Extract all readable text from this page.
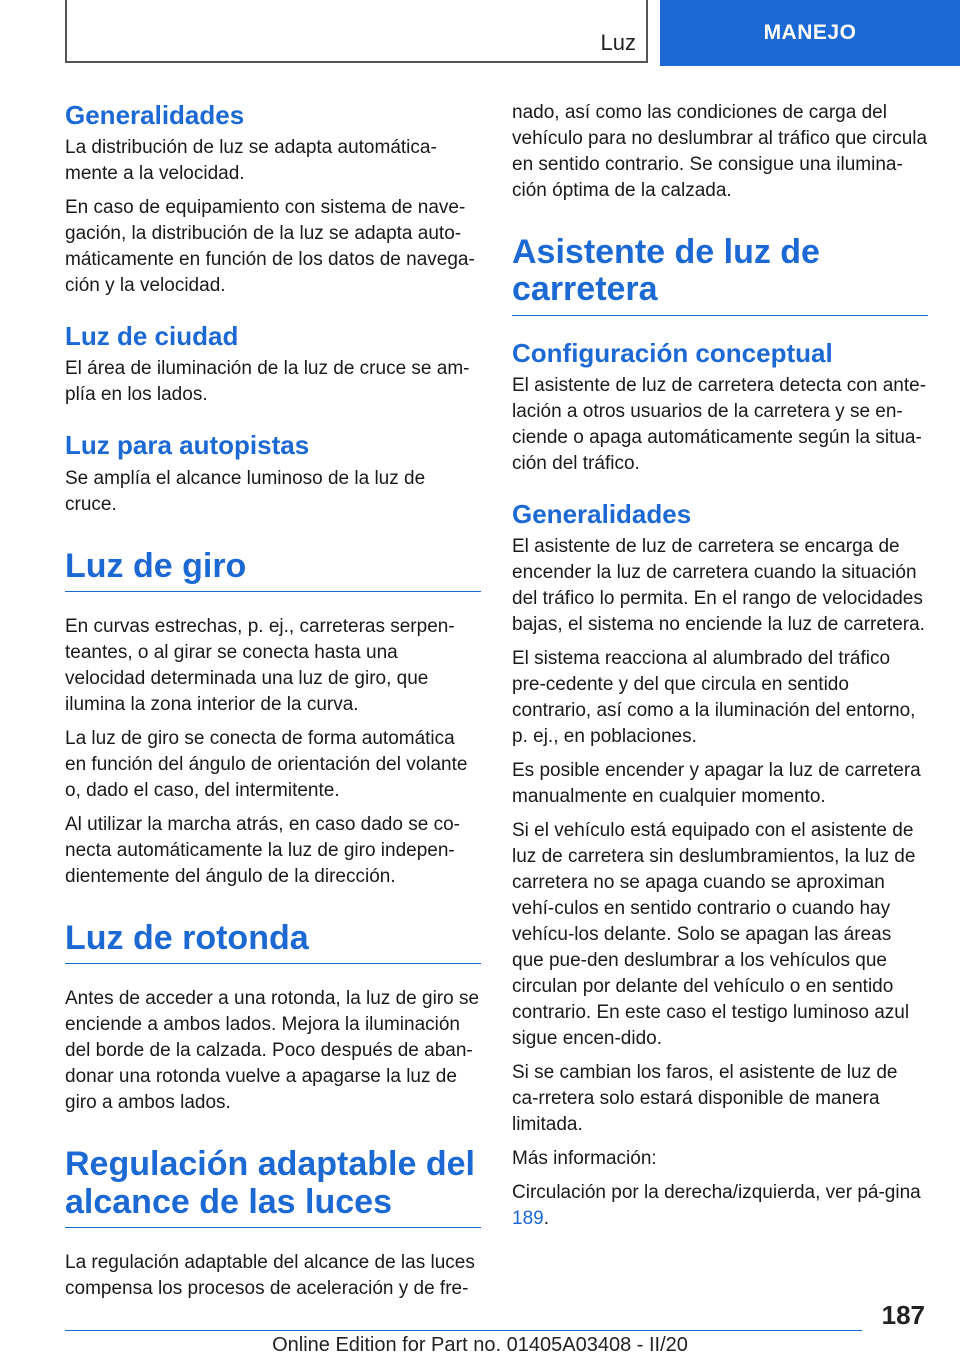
Luz	MANEJO
Generalidades

La distribución de luz se adapta automática-mente a la velocidad.

En caso de equipamiento con sistema de nave-gación, la distribución de la luz se adapta auto-máticamente en función de los datos de navega-ción y la velocidad.

Luz de ciudad

El área de iluminación de la luz de cruce se am-plía en los lados.

Luz para autopistas

Se amplía el alcance luminoso de la luz de cruce.

Luz de giro

En curvas estrechas, p. ej., carreteras serpen-teantes, o al girar se conecta hasta una velocidad determinada una luz de giro, que ilumina la zona interior de la curva.

La luz de giro se conecta de forma automática en función del ángulo de orientación del volante o, dado el caso, del intermitente.

Al utilizar la marcha atrás, en caso dado se co-necta automáticamente la luz de giro indepen-dientemente del ángulo de la dirección.

Luz de rotonda

Antes de acceder a una rotonda, la luz de giro se enciende a ambos lados. Mejora la iluminación del borde de la calzada. Poco después de aban-donar una rotonda vuelve a apagarse la luz de giro a ambos lados.

Regulación adaptable del alcance de las luces

La regulación adaptable del alcance de las luces compensa los procesos de aceleración y de fre-

nado, así como las condiciones de carga del vehículo para no deslumbrar al tráfico que circula en sentido contrario. Se consigue una ilumina-ción óptima de la calzada.

Asistente de luz de carretera
Configuración conceptual

El asistente de luz de carretera detecta con ante-lación a otros usuarios de la carretera y se en-ciende o apaga automáticamente según la situa-ción del tráfico.

Generalidades

El asistente de luz de carretera se encarga de encender la luz de carretera cuando la situación del tráfico lo permita. En el rango de velocidades bajas, el sistema no enciende la luz de carretera.

El sistema reacciona al alumbrado del tráfico pre-cedente y del que circula en sentido contrario, así como a la iluminación del entorno, p. ej., en poblaciones.

Es posible encender y apagar la luz de carretera manualmente en cualquier momento.

Si el vehículo está equipado con el asistente de luz de carretera sin deslumbramientos, la luz de carretera no se apaga cuando se aproximan vehí-culos en sentido contrario o cuando hay vehícu-los delante. Solo se apagan las áreas que pue-den deslumbrar a los vehículos que circulan por delante del vehículo o en sentido contrario. En este caso el testigo luminoso azul sigue encen-dido.

Si se cambian los faros, el asistente de luz de ca-rretera solo estará disponible de manera limitada.

Más información:

Circulación por la derecha/izquierda, ver pá-gina 189.

187
Online Edition for Part no. 01405A03408 - II/20
